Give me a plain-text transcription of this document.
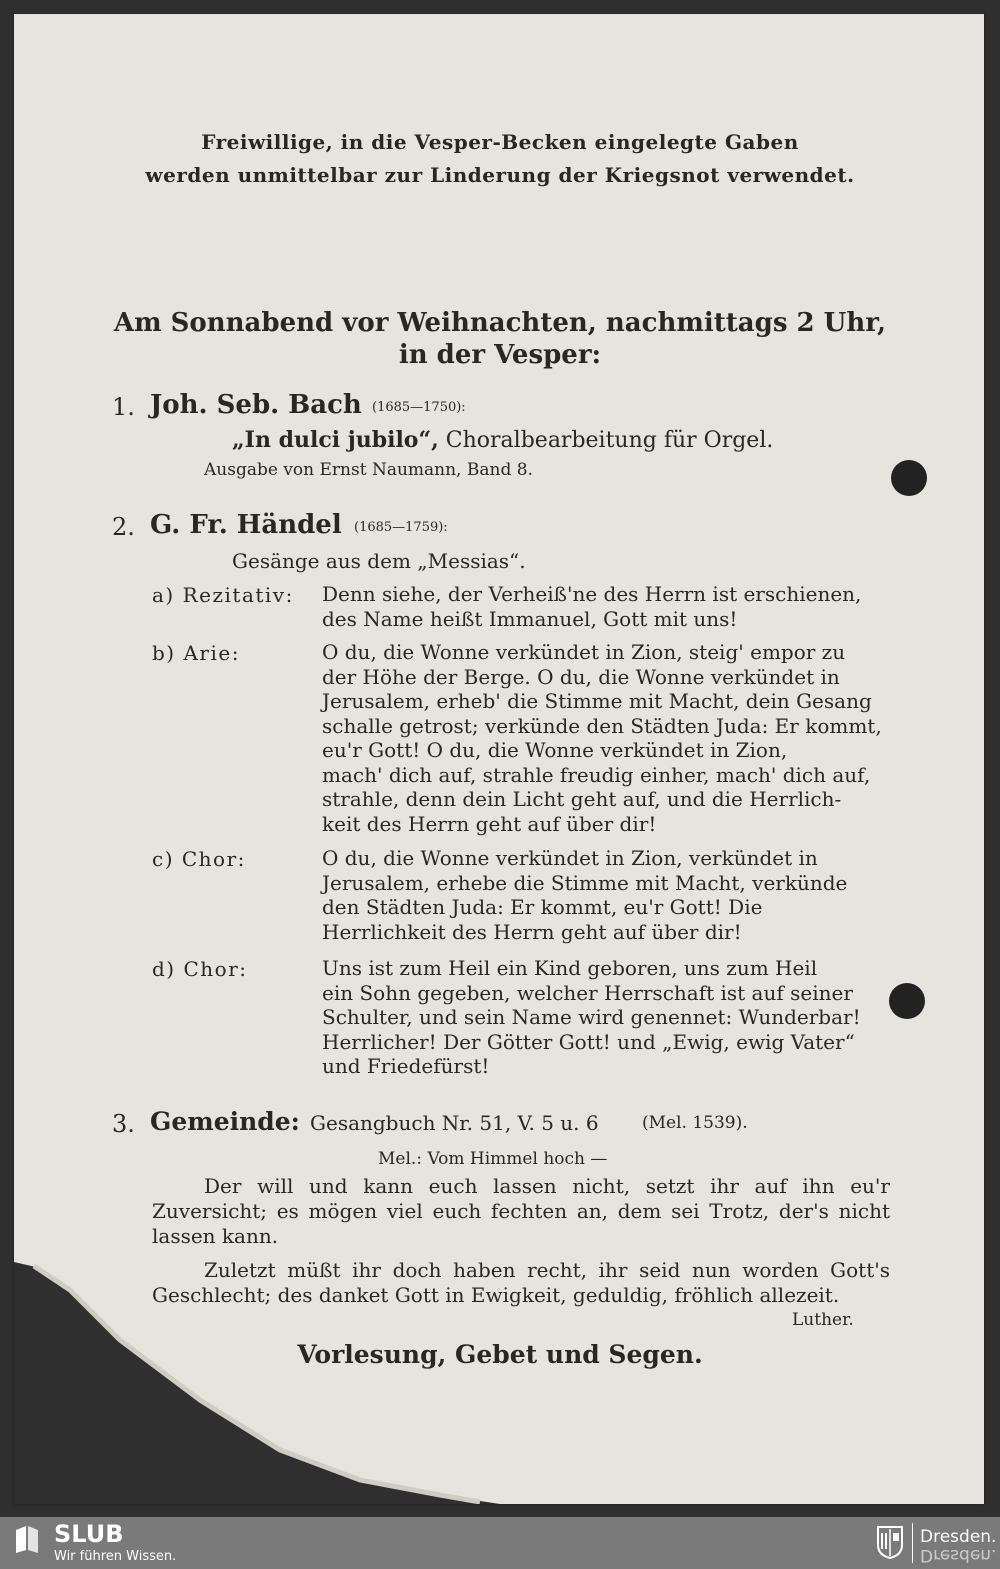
Freiwillige, in die Vesper-Becken eingelegte Gaben
werden unmittelbar zur Linderung der Kriegsnot verwendet.
Am Sonnabend vor Weihnachten, nachmittags 2 Uhr,
in der Vesper:
1. Joh. Seb. Bach (1685—1750):
„In dulci jubilo“, Choralbearbeitung für Orgel.
Ausgabe von Ernst Naumann, Band 8.
2. G. Fr. Händel (1685—1759):
Gesänge aus dem „Messias“.
a) Rezitativ: Denn siehe, der Verheiß'ne des Herrn ist erschienen,
des Name heißt Immanuel, Gott mit uns!
b) Arie:	O du, die Wonne verkündet in Zion, steig' empor zu
der Höhe der Berge. O du, die Wonne verkündet in
Jerusalem, erheb' die Stimme mit Macht, dein Gesang
schalle getrost; verkünde den Städten Juda: Er kommt,
eu'r Gott! O du, die Wonne verkündet in Zion,
mach' dich auf, strahle freudig einher, mach' dich auf,
strahle, denn dein Licht geht auf, und die Herrlich-
keit des Herrn geht auf über dir!
c) Chor:	O du, die Wonne verkündet in Zion, verkündet in
Jerusalem, erhebe die Stimme mit Macht, verkünde
den Städten Juda: Er kommt, eu'r Gott! Die
Herrlichkeit des Herrn geht auf über dir!
d) Chor:	Uns ist zum Heil ein Kind geboren, uns zum Heil
ein Sohn gegeben, welcher Herrschaft ist auf seiner
Schulter, und sein Name wird genennet: Wunderbar!
Herrlicher! Der Götter Gott! und „Ewig, ewig Vater“
und Friedefürst!
3. Gemeinde: Gesangbuch Nr. 51, V. 5 u. 6	(Mel. 1539).
Mel.: Vom Himmel hoch —
Der will und kann euch lassen nicht, setzt ihr auf ihn eu'r Zuversicht; es mögen viel euch fechten an, dem sei Trotz, der's nicht lassen kann.
Zuletzt müßt ihr doch haben recht, ihr seid nun worden Gott's Geschlecht; des danket Gott in Ewigkeit, geduldig, fröhlich allezeit.
Luther.
Vorlesung, Gebet und Segen.
SLUB
Wir führen Wissen.
Dresden.
Dresden.
